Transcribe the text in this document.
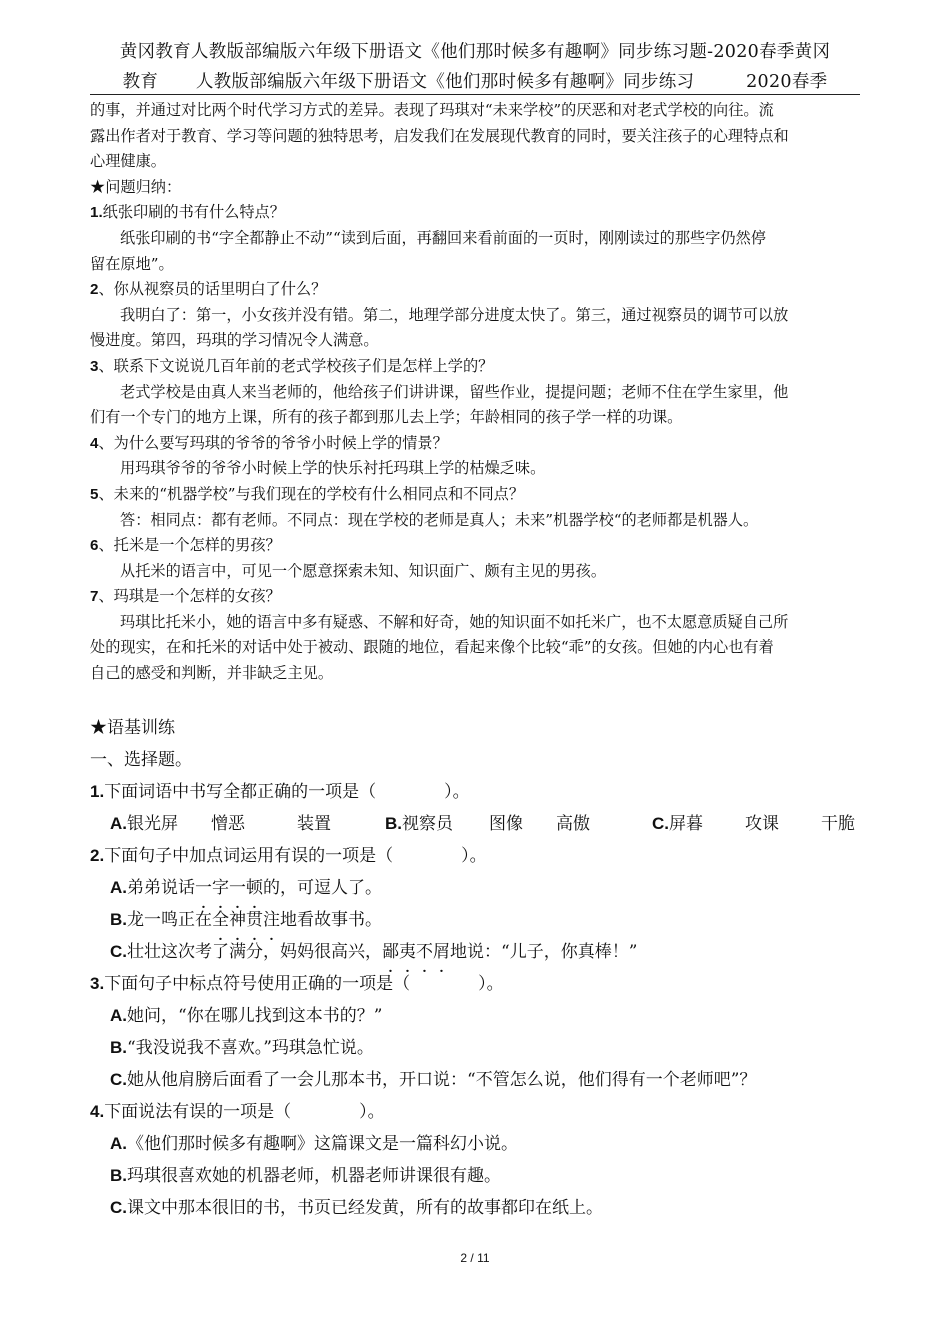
黄冈教育人教版部编版六年级下册语文《他们那时候多有趣啊》同步练习题-2020春季黄冈
教育 人教版部编版六年级下册语文《他们那时候多有趣啊》同步练习	2020春季
的事，并通过对比两个时代学习方式的差异。表现了玛琪对“未来学校”的厌恶和对老式学校的向往。流
露出作者对于教育、学习等问题的独特思考，启发我们在发展现代教育的同时，要关注孩子的心理特点和
心理健康。
★问题归纳：
1.纸张印刷的书有什么特点？
纸张印刷的书“字全都静止不动”“读到后面，再翻回来看前面的一页时，刚刚读过的那些字仍然停
留在原地”。
2、你从视察员的话里明白了什么？
我明白了：第一，小女孩并没有错。第二，地理学部分进度太快了。第三，通过视察员的调节可以放
慢进度。第四，玛琪的学习情况令人满意。
3、联系下文说说几百年前的老式学校孩子们是怎样上学的？
老式学校是由真人来当老师的，他给孩子们讲讲课，留些作业，提提问题；老师不住在学生家里，他
们有一个专门的地方上课，所有的孩子都到那儿去上学；年龄相同的孩子学一样的功课。
4、为什么要写玛琪的爷爷的爷爷小时候上学的情景？
用玛琪爷爷的爷爷小时候上学的快乐衬托玛琪上学的枯燥乏味。
5、未来的“机器学校”与我们现在的学校有什么相同点和不同点？
答：相同点：都有老师。不同点：现在学校的老师是真人；未来”机器学校“的老师都是机器人。
6、托米是一个怎样的男孩？
从托米的语言中，可见一个愿意探索未知、知识面广、颇有主见的男孩。
7、玛琪是一个怎样的女孩？
玛琪比托米小，她的语言中多有疑惑、不解和好奇，她的知识面不如托米广，也不太愿意质疑自己所
处的现实，在和托米的对话中处于被动、跟随的地位，看起来像个比较“乖”的女孩。但她的内心也有着
自己的感受和判断，并非缺乏主见。
★语基训练
一、选择题。
1.下面词语中书写全都正确的一项是（　　　　）。
A. 银光屏	憎恶	装置	B. 视察员	图像	高傲	C. 屏暮	攻课	干脆
2.下面句子中加点词运用有误的一项是（　　　　）。
A.弟弟说话一字一顿的，可逗人了。
B.龙一鸣正在全神贯注地看故事书。
C.壮壮这次考了满分，妈妈很高兴，鄙夷不屑地说：“儿子，你真棒！”
3.下面句子中标点符号使用正确的一项是（　　　　）。
A.她问，“你在哪儿找到这本书的？”
B.“我没说我不喜欢。”玛琪急忙说。
C.她从他肩膀后面看了一会儿那本书，开口说：“不管怎么说，他们得有一个老师吧”？
4.下面说法有误的一项是（　　　　）。
A.《他们那时候多有趣啊》这篇课文是一篇科幻小说。
B.玛琪很喜欢她的机器老师，机器老师讲课很有趣。
C.课文中那本很旧的书，书页已经发黄，所有的故事都印在纸上。
2 / 11
